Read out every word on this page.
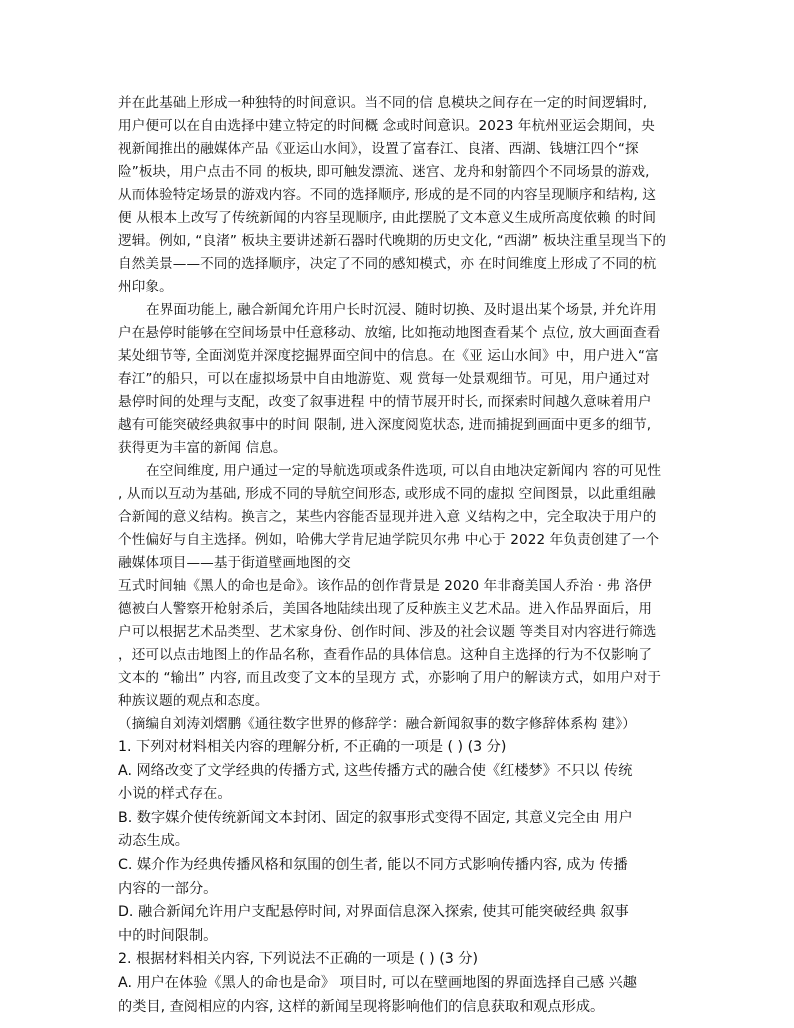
并在此基础上形成一种独特的时间意识。当不同的信 息模块之间存在一定的时间逻辑时,
用户便可以在自由选择中建立特定的时间概 念或时间意识。2023 年杭州亚运会期间，央
视新闻推出的融媒体产品《亚运山水间》，设置了富春江、良渚、西湖、钱塘江四个“探
险”板块，用户点击不同 的板块, 即可触发漂流、迷宫、龙舟和射箭四个不同场景的游戏,
从而体验特定场景的游戏内容。不同的选择顺序, 形成的是不同的内容呈现顺序和结构, 这
便 从根本上改写了传统新闻的内容呈现顺序, 由此摆脱了文本意义生成所高度依赖 的时间
逻辑。例如, “良渚” 板块主要讲述新石器时代晚期的历史文化, “西湖” 板块注重呈现当下的
自然美景——不同的选择顺序，决定了不同的感知模式，亦 在时间维度上形成了不同的杭
州印象。
在界面功能上, 融合新闻允许用户长时沉浸、随时切换、及时退出某个场景, 并允许用
户在悬停时能够在空间场景中任意移动、放缩, 比如拖动地图查看某个 点位, 放大画面查看
某处细节等, 全面浏览并深度挖掘界面空间中的信息。在《亚 运山水间》中，用户进入“富
春江”的船只，可以在虚拟场景中自由地游览、观 赏每一处景观细节。可见，用户通过对
悬停时间的处理与支配，改变了叙事进程 中的情节展开时长, 而探索时间越久意味着用户
越有可能突破经典叙事中的时间 限制, 进入深度阅览状态, 进而捕捉到画面中更多的细节,
获得更为丰富的新闻 信息。
在空间维度, 用户通过一定的导航选项或条件选项, 可以自由地决定新闻内 容的可见性
, 从而以互动为基础, 形成不同的导航空间形态, 或形成不同的虚拟 空间图景，以此重组融
合新闻的意义结构。换言之，某些内容能否显现并进入意 义结构之中，完全取决于用户的
个性偏好与自主选择。例如，哈佛大学肯尼迪学院贝尔弗 中心于 2022 年负责创建了一个
融媒体项目——基于街道壁画地图的交
互式时间轴《黑人的命也是命》。该作品的创作背景是 2020 年非裔美国人乔治 · 弗 洛伊
德被白人警察开枪射杀后，美国各地陆续出现了反种族主义艺术品。进入作品界面后，用
户可以根据艺术品类型、艺术家身份、创作时间、涉及的社会议题 等类目对内容进行筛选
，还可以点击地图上的作品名称，查看作品的具体信息。这种自主选择的行为不仅影响了
文本的 “输出” 内容, 而且改变了文本的呈现方 式，亦影响了用户的解读方式，如用户对于
种族议题的观点和态度。
（摘编自刘涛刘熠鹏《通往数字世界的修辞学：融合新闻叙事的数字修辞体系构 建》）
1. 下列对材料相关内容的理解分析, 不正确的一项是 ( ) (3 分)
A. 网络改变了文学经典的传播方式, 这些传播方式的融合使《红楼梦》不只以 传统
小说的样式存在。
B. 数字媒介使传统新闻文本封闭、固定的叙事形式变得不固定, 其意义完全由 用户
动态生成。
C. 媒介作为经典传播风格和氛围的创生者, 能以不同方式影响传播内容, 成为 传播
内容的一部分。
D. 融合新闻允许用户支配悬停时间, 对界面信息深入探索, 使其可能突破经典 叙事
中的时间限制。
2. 根据材料相关内容, 下列说法不正确的一项是 ( ) (3 分)
A. 用户在体验《黑人的命也是命》 项目时, 可以在壁画地图的界面选择自己感 兴趣
的类目, 查阅相应的内容, 这样的新闻呈现将影响他们的信息获取和观点形成。
